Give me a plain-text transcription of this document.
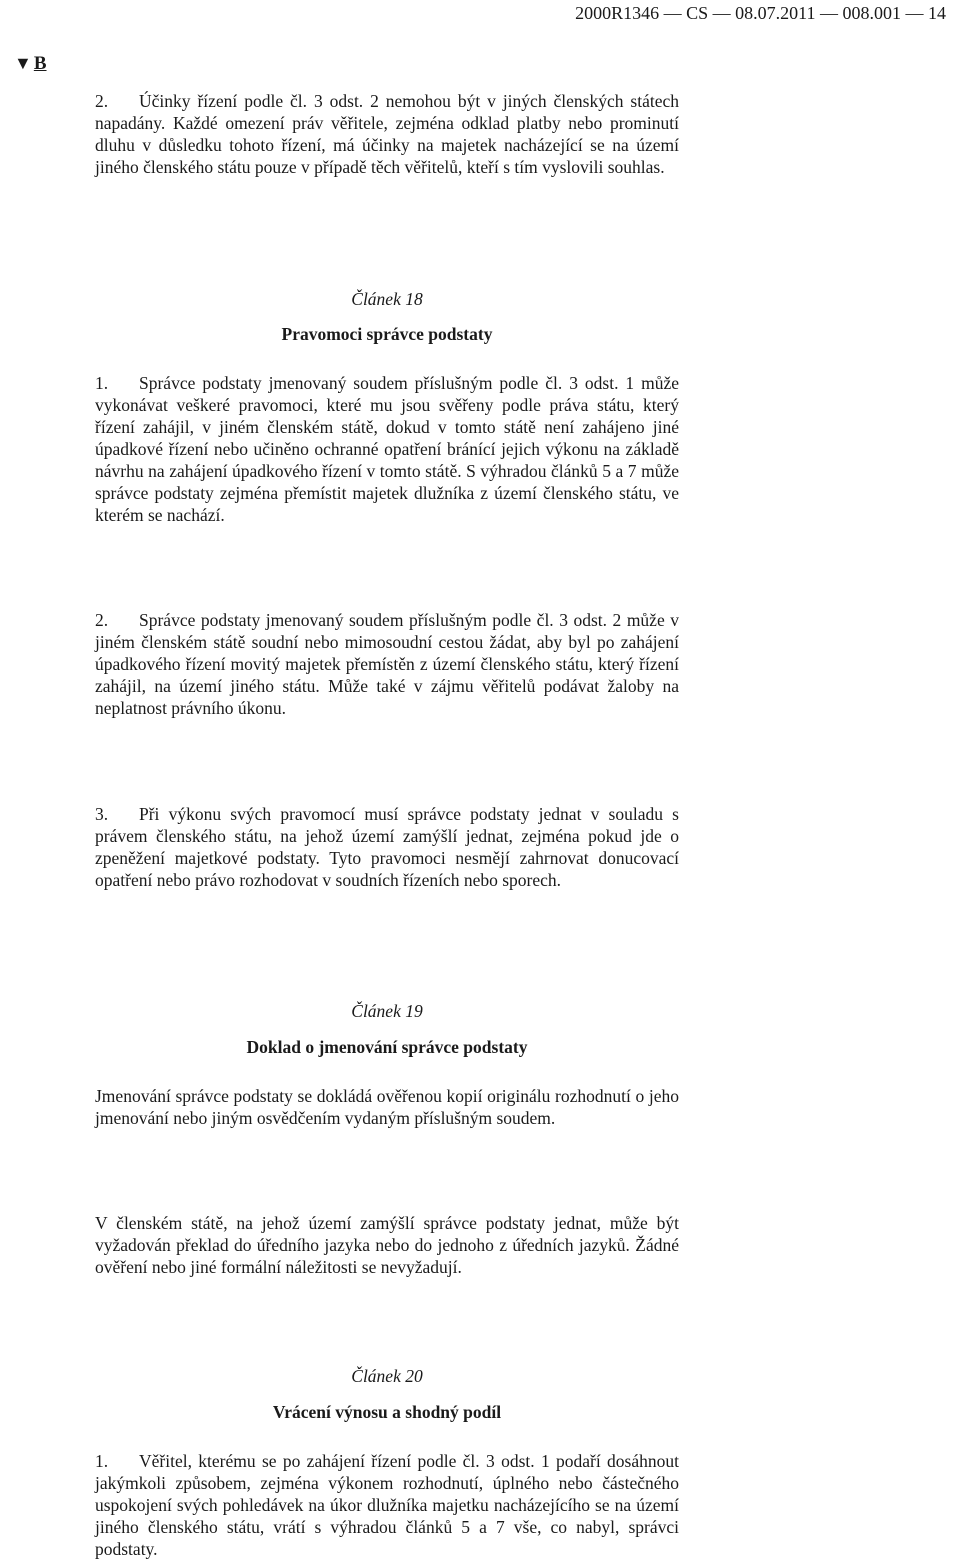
2000R1346 — CS — 08.07.2011 — 008.001 — 14
▼ B

2. Účinky řízení podle čl. 3 odst. 2 nemohou být v jiných členských státech napadány. Každé omezení práv věřitele, zejména odklad platby nebo prominutí dluhu v důsledku tohoto řízení, má účinky na majetek nacházející se na území jiného členského státu pouze v případě těch věřitelů, kteří s tím vyslovili souhlas.

Článek 18
Pravomoci správce podstaty

1. Správce podstaty jmenovaný soudem příslušným podle čl. 3 odst. 1 může vykonávat veškeré pravomoci, které mu jsou svěřeny podle práva státu, který řízení zahájil, v jiném členském státě, dokud v tomto státě není zahájeno jiné úpadkové řízení nebo učiněno ochranné opatření bránící jejich výkonu na základě návrhu na zahájení úpadkového řízení v tomto státě. S výhradou článků 5 a 7 může správce podstaty zejména přemístit majetek dlužníka z území členského státu, ve kterém se nachází.

2. Správce podstaty jmenovaný soudem příslušným podle čl. 3 odst. 2 může v jiném členském státě soudní nebo mimosoudní cestou žádat, aby byl po zahájení úpadkového řízení movitý majetek přemístěn z území členského státu, který řízení zahájil, na území jiného státu. Může také v zájmu věřitelů podávat žaloby na neplatnost právního úkonu.

3. Při výkonu svých pravomocí musí správce podstaty jednat v souladu s právem členského státu, na jehož území zamýšlí jednat, zejména pokud jde o zpeněžení majetkové podstaty. Tyto pravomoci nesmějí zahrnovat donucovací opatření nebo právo rozhodovat v soudních řízeních nebo sporech.

Článek 19
Doklad o jmenování správce podstaty

Jmenování správce podstaty se dokládá ověřenou kopií originálu rozhodnutí o jeho jmenování nebo jiným osvědčením vydaným příslušným soudem.

V členském státě, na jehož území zamýšlí správce podstaty jednat, může být vyžadován překlad do úředního jazyka nebo do jednoho z úředních jazyků. Žádné ověření nebo jiné formální náležitosti se nevyžadují.

Článek 20
Vrácení výnosu a shodný podíl

1. Věřitel, kterému se po zahájení řízení podle čl. 3 odst. 1 podaří dosáhnout jakýmkoli způsobem, zejména výkonem rozhodnutí, úplného nebo částečného uspokojení svých pohledávek na úkor dlužníka majetku nacházejícího se na území jiného členského státu, vrátí s výhradou článků 5 a 7 vše, co nabyl, správci podstaty.
